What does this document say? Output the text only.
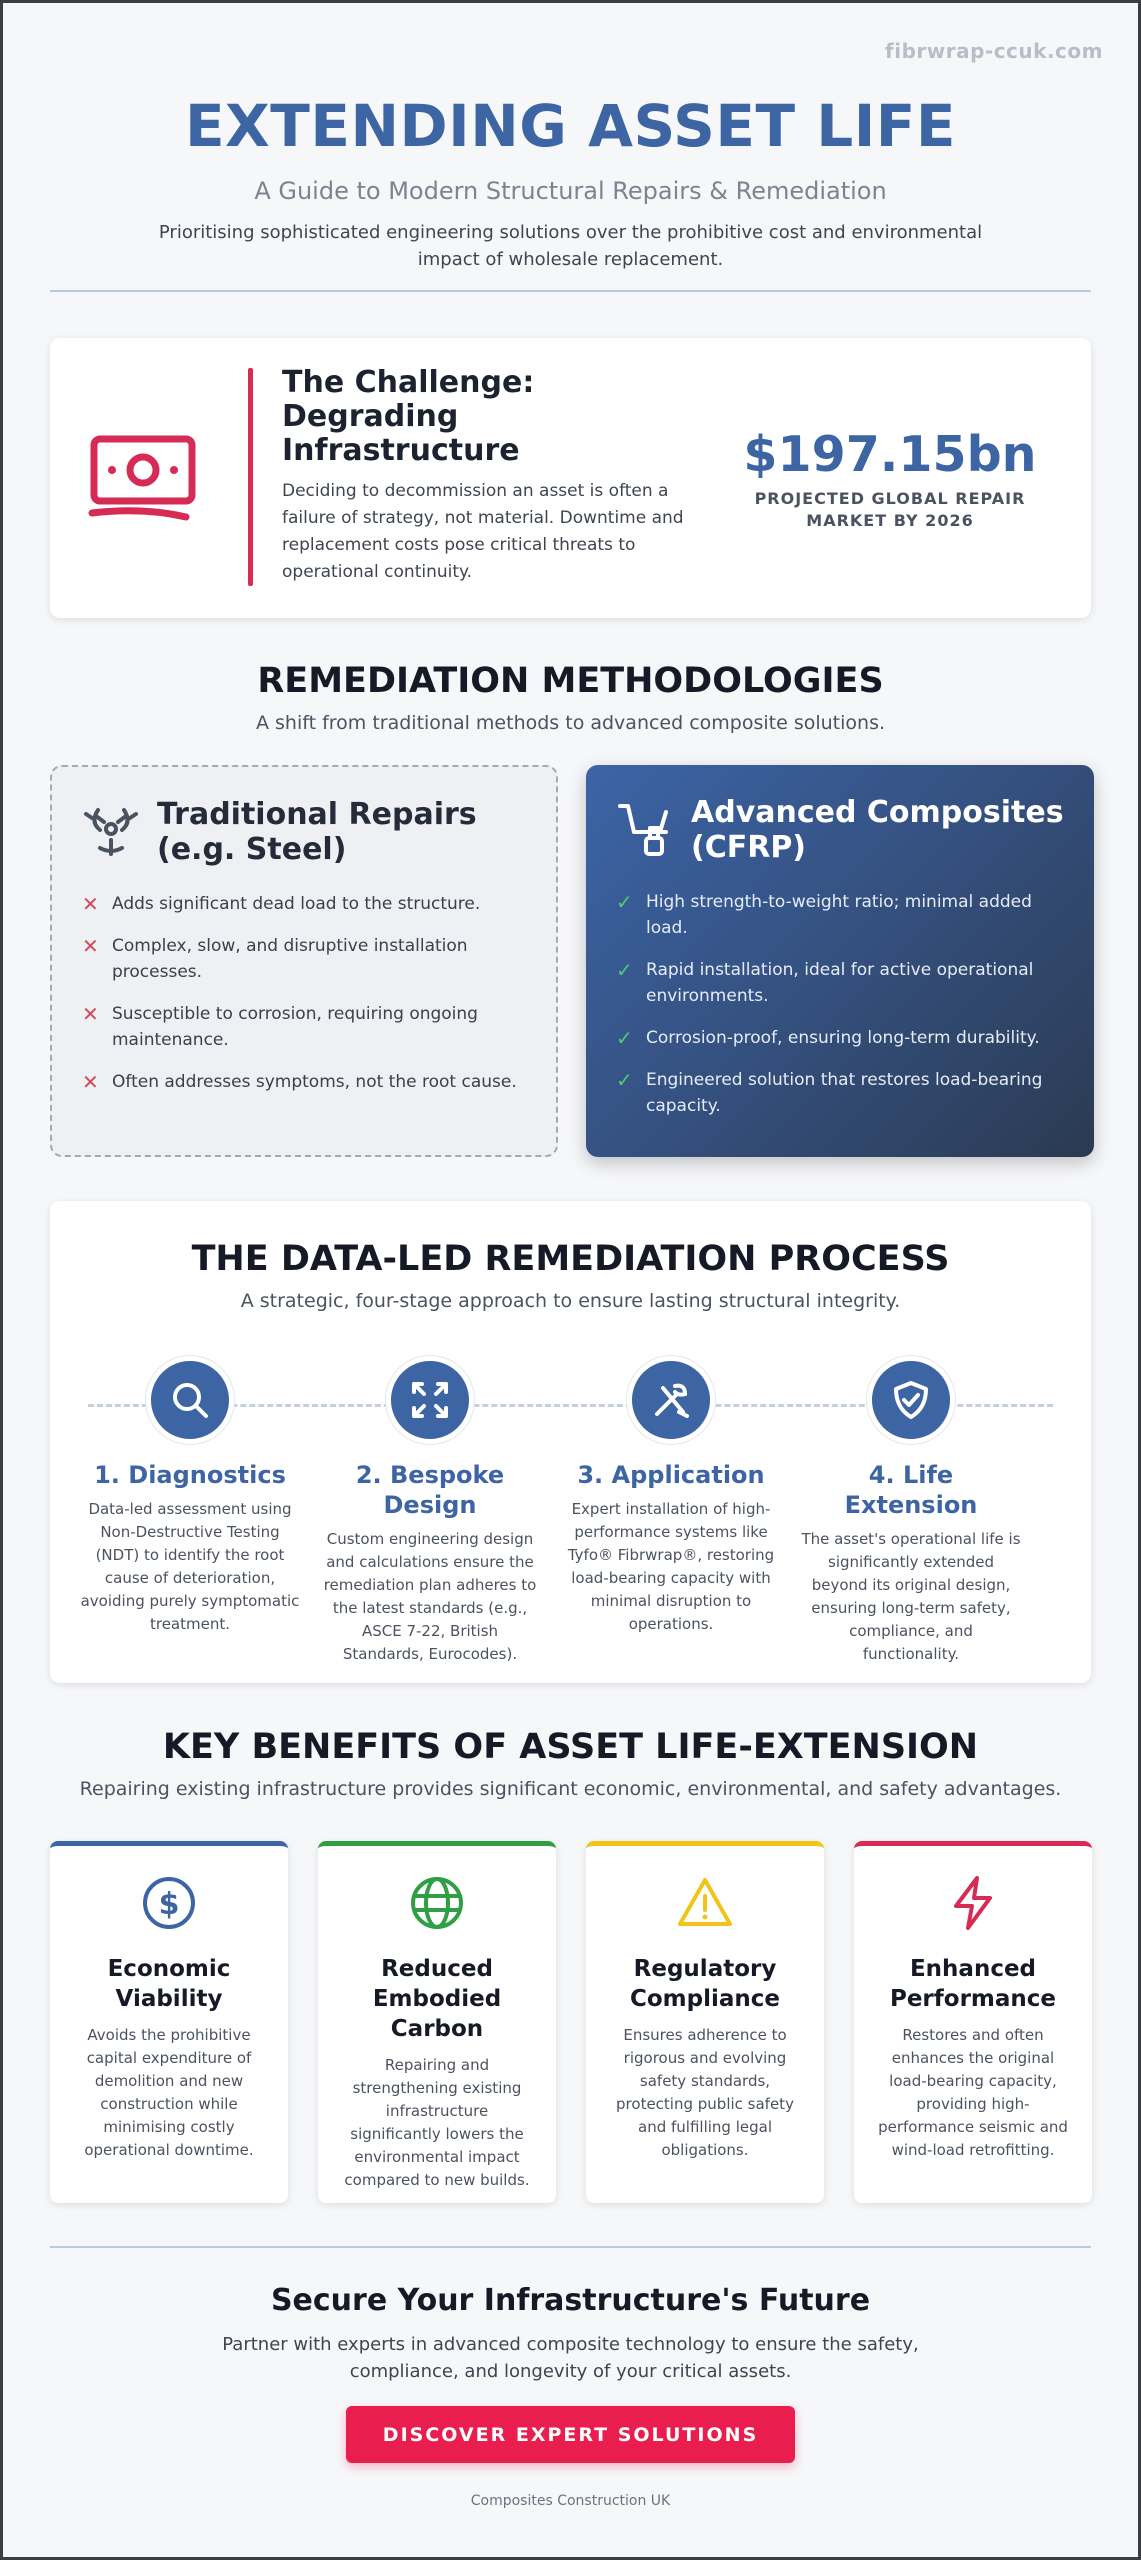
fibrwrap-ccuk.com
EXTENDING ASSET LIFE
A Guide to Modern Structural Repairs & Remediation

Prioritising sophisticated engineering solutions over the prohibitive cost and environmental impact of wholesale replacement.

The Challenge: Degrading Infrastructure

Deciding to decommission an asset is often a failure of strategy, not material. Downtime and replacement costs pose critical threats to operational continuity.

$197.15bn
PROJECTED GLOBAL REPAIR MARKET BY 2026
REMEDIATION METHODOLOGIES

A shift from traditional methods to advanced composite solutions.

Traditional Repairs (e.g. Steel)
✕ Adds significant dead load to the structure.
✕ Complex, slow, and disruptive installation processes.
✕ Susceptible to corrosion, requiring ongoing maintenance.
✕ Often addresses symptoms, not the root cause.
Advanced Composites (CFRP)
✓ High strength-to-weight ratio; minimal added load.
✓ Rapid installation, ideal for active operational environments.
✓ Corrosion-proof, ensuring long-term durability.
✓ Engineered solution that restores load-bearing capacity.
THE DATA-LED REMEDIATION PROCESS

A strategic, four-stage approach to ensure lasting structural integrity.

1. Diagnostics

Data-led assessment using Non-Destructive Testing (NDT) to identify the root cause of deterioration, avoiding purely symptomatic treatment.

2. Bespoke Design

Custom engineering design and calculations ensure the remediation plan adheres to the latest standards (e.g., ASCE 7-22, British Standards, Eurocodes).

3. Application

Expert installation of high-performance systems like Tyfo® Fibrwrap®, restoring load-bearing capacity with minimal disruption to operations.

4. Life Extension

The asset's operational life is significantly extended beyond its original design, ensuring long-term safety, compliance, and functionality.

KEY BENEFITS OF ASSET LIFE-EXTENSION

Repairing existing infrastructure provides significant economic, environmental, and safety advantages.

$
Economic Viability

Avoids the prohibitive capital expenditure of demolition and new construction while minimising costly operational downtime.

Reduced Embodied Carbon

Repairing and strengthening existing infrastructure significantly lowers the environmental impact compared to new builds.

Regulatory Compliance

Ensures adherence to rigorous and evolving safety standards, protecting public safety and fulfilling legal obligations.

Enhanced Performance

Restores and often enhances the original load-bearing capacity, providing high-performance seismic and wind-load retrofitting.

Secure Your Infrastructure's Future

Partner with experts in advanced composite technology to ensure the safety, compliance, and longevity of your critical assets.

DISCOVER EXPERT SOLUTIONS
Composites Construction UK
